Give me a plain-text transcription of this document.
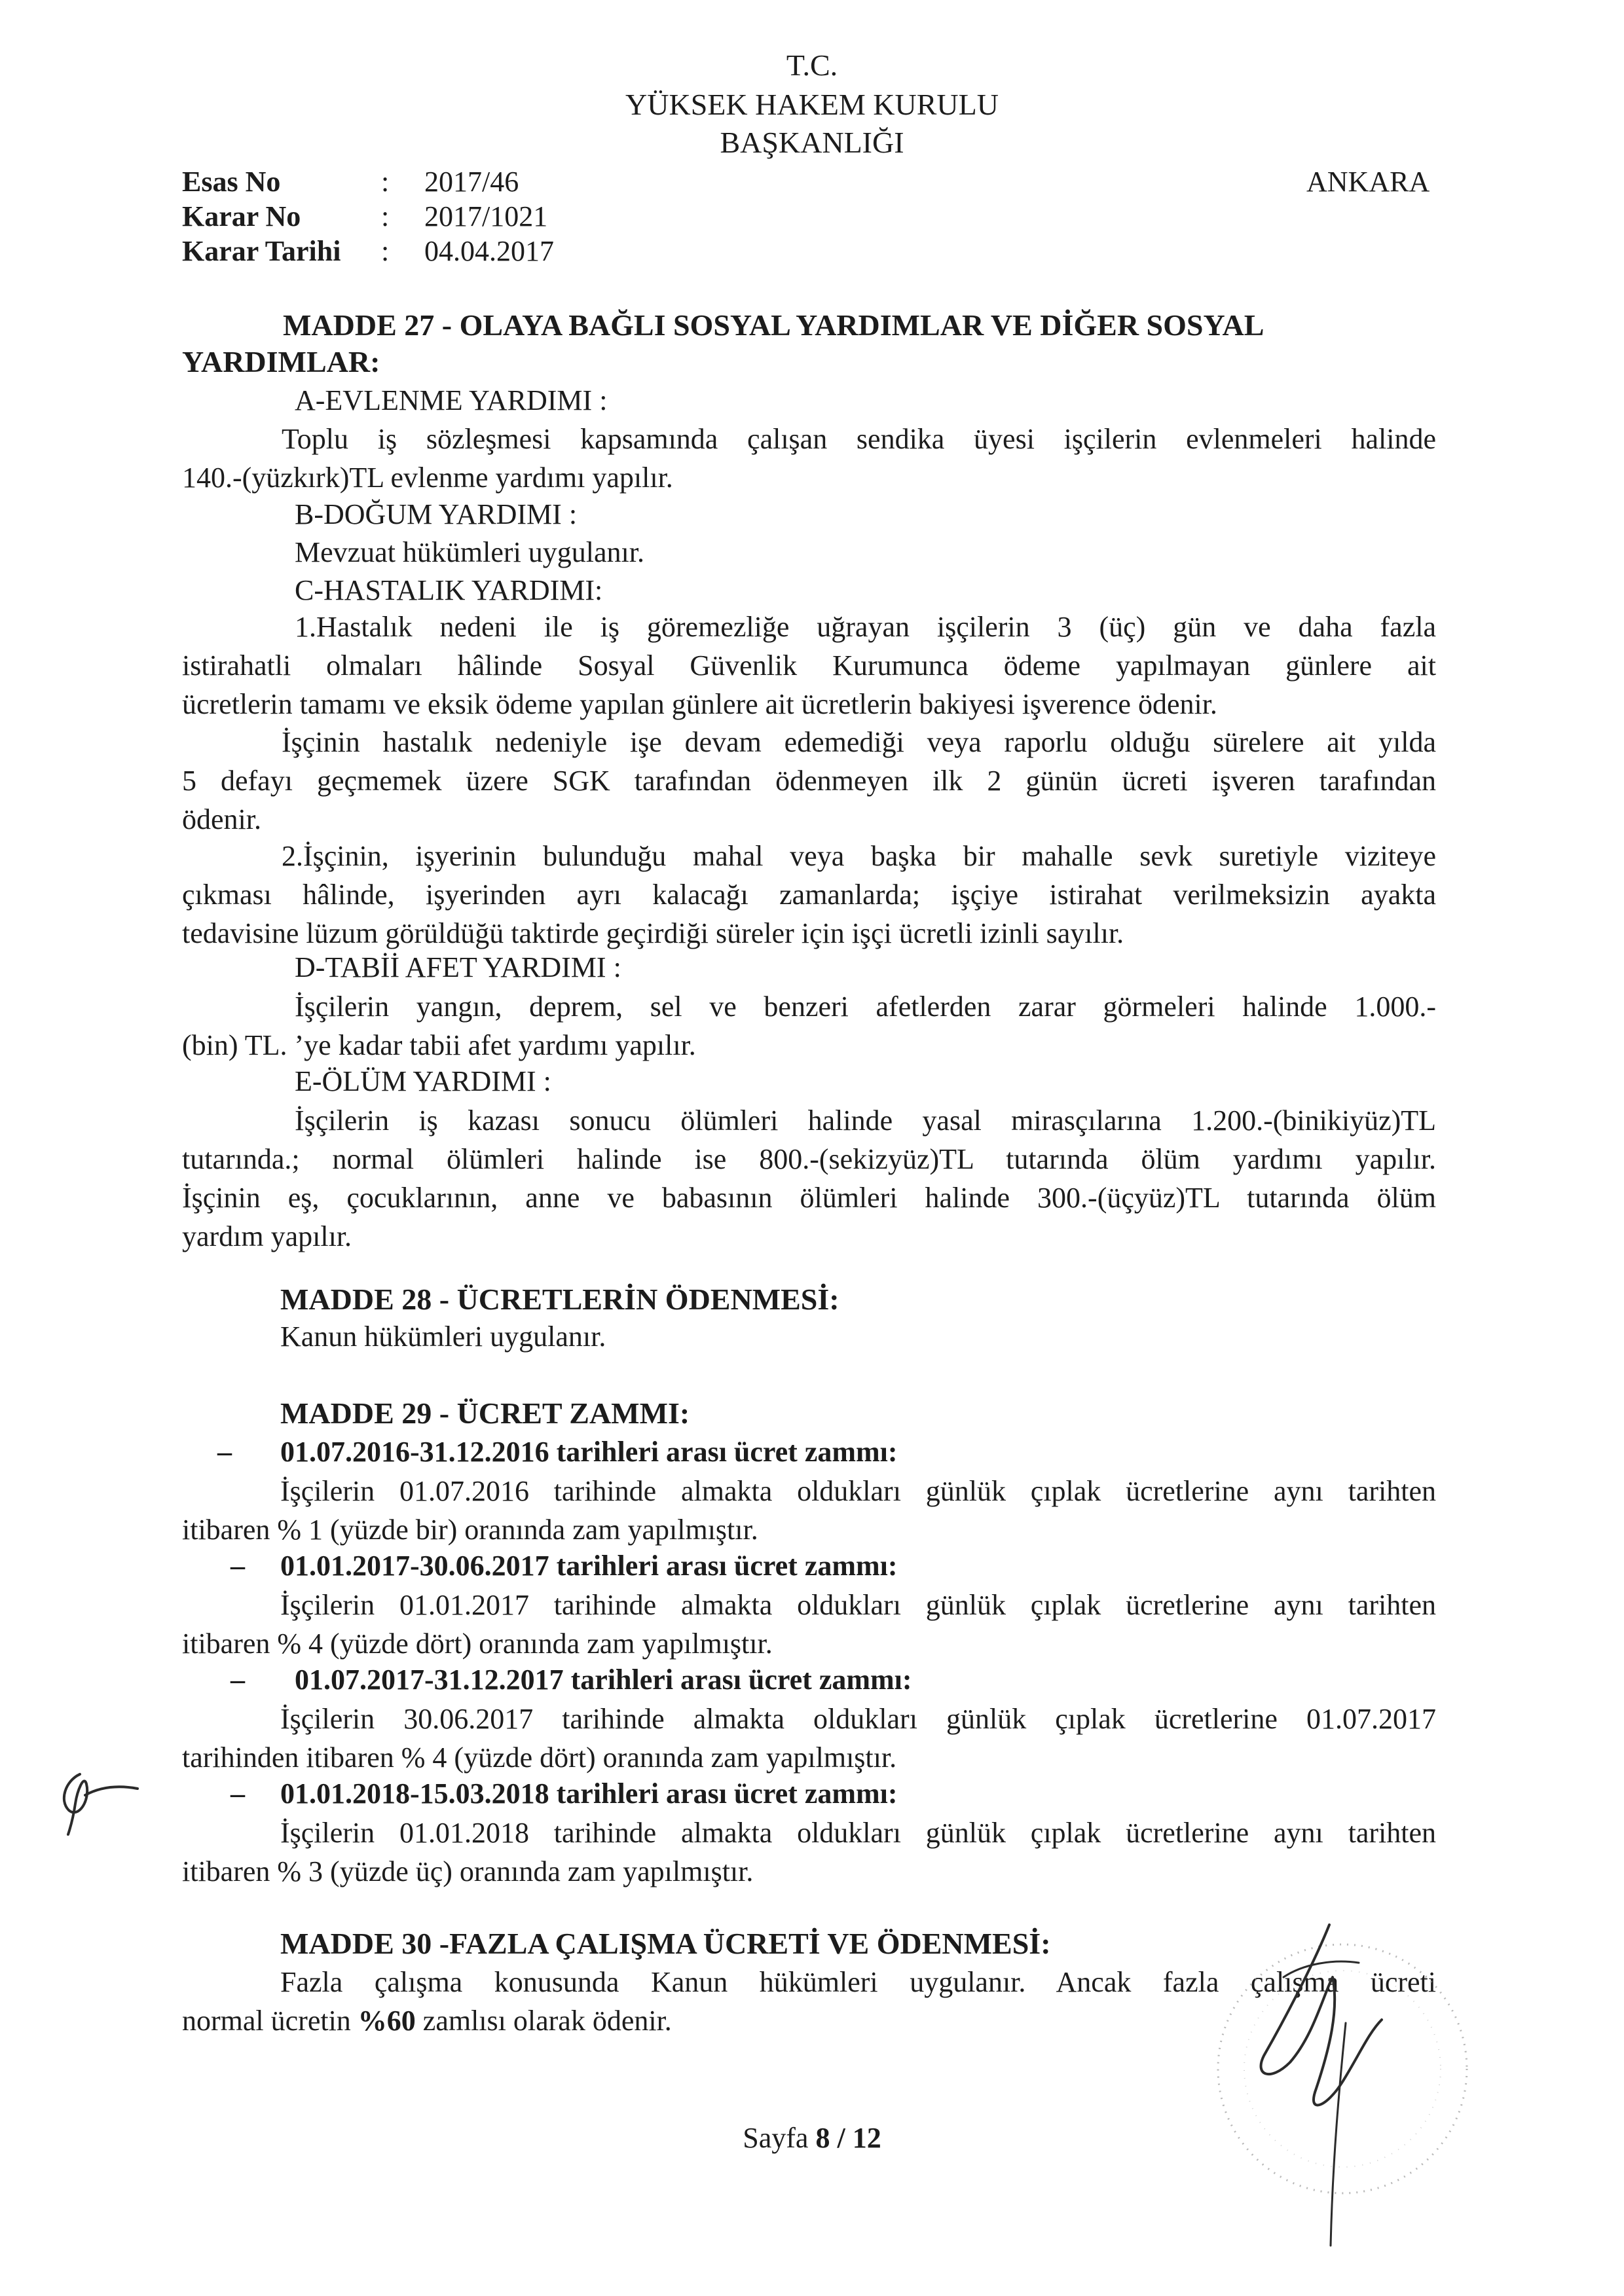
T.C.
YÜKSEK HAKEM KURULU
BAŞKANLIĞI
ANKARA
Esas No	: 2017/46
Karar No	: 2017/1021
Karar Tarihi : 04.04.2017
MADDE 27 - OLAYA BAĞLI SOSYAL YARDIMLAR VE DİĞER SOSYAL
YARDIMLAR:
A-EVLENME YARDIMI :
Toplu iş sözleşmesi kapsamında çalışan sendika üyesi işçilerin evlenmeleri halinde
140.-(yüzkırk)TL evlenme yardımı yapılır.
B-DOĞUM YARDIMI :
Mevzuat hükümleri uygulanır.
C-HASTALIK YARDIMI:
1.Hastalık nedeni ile iş göremezliğe uğrayan işçilerin 3 (üç) gün ve daha fazla
istirahatli olmaları hâlinde Sosyal Güvenlik Kurumunca ödeme yapılmayan günlere ait
ücretlerin tamamı ve eksik ödeme yapılan günlere ait ücretlerin bakiyesi işverence ödenir.
İşçinin hastalık nedeniyle işe devam edemediği veya raporlu olduğu sürelere ait yılda
5 defayı geçmemek üzere SGK tarafından ödenmeyen ilk 2 günün ücreti işveren tarafından
ödenir.
2.İşçinin, işyerinin bulunduğu mahal veya başka bir mahalle sevk suretiyle viziteye
çıkması hâlinde, işyerinden ayrı kalacağı zamanlarda; işçiye istirahat verilmeksizin ayakta
tedavisine lüzum görüldüğü taktirde geçirdiği süreler için işçi ücretli izinli sayılır.
D-TABİİ AFET YARDIMI :
İşçilerin yangın, deprem, sel ve benzeri afetlerden zarar görmeleri halinde 1.000.-
(bin) TL. ’ye kadar tabii afet yardımı yapılır.
E-ÖLÜM YARDIMI :
İşçilerin iş kazası sonucu ölümleri halinde yasal mirasçılarına 1.200.-(binikiyüz)TL
tutarında.; normal ölümleri halinde ise 800.-(sekizyüz)TL tutarında ölüm yardımı yapılır.
İşçinin eş, çocuklarının, anne ve babasının ölümleri halinde 300.-(üçyüz)TL tutarında ölüm
yardım yapılır.
MADDE 28 - ÜCRETLERİN ÖDENMESİ:
Kanun hükümleri uygulanır.
MADDE 29 - ÜCRET ZAMMI:
– 01.07.2016-31.12.2016 tarihleri arası ücret zammı:
İşçilerin 01.07.2016 tarihinde almakta oldukları günlük çıplak ücretlerine aynı tarihten
itibaren % 1 (yüzde bir) oranında zam yapılmıştır.
– 01.01.2017-30.06.2017 tarihleri arası ücret zammı:
İşçilerin 01.01.2017 tarihinde almakta oldukları günlük çıplak ücretlerine aynı tarihten
itibaren % 4 (yüzde dört) oranında zam yapılmıştır.
– 01.07.2017-31.12.2017 tarihleri arası ücret zammı:
İşçilerin 30.06.2017 tarihinde almakta oldukları günlük çıplak ücretlerine 01.07.2017
tarihinden itibaren % 4 (yüzde dört) oranında zam yapılmıştır.
– 01.01.2018-15.03.2018 tarihleri arası ücret zammı:
İşçilerin 01.01.2018 tarihinde almakta oldukları günlük çıplak ücretlerine aynı tarihten
itibaren % 3 (yüzde üç) oranında zam yapılmıştır.
MADDE 30 -FAZLA ÇALIŞMA ÜCRETİ VE ÖDENMESİ:
Fazla çalışma konusunda Kanun hükümleri uygulanır. Ancak fazla çalışma ücreti
normal ücretin %60 zamlısı olarak ödenir.
Sayfa 8 / 12
